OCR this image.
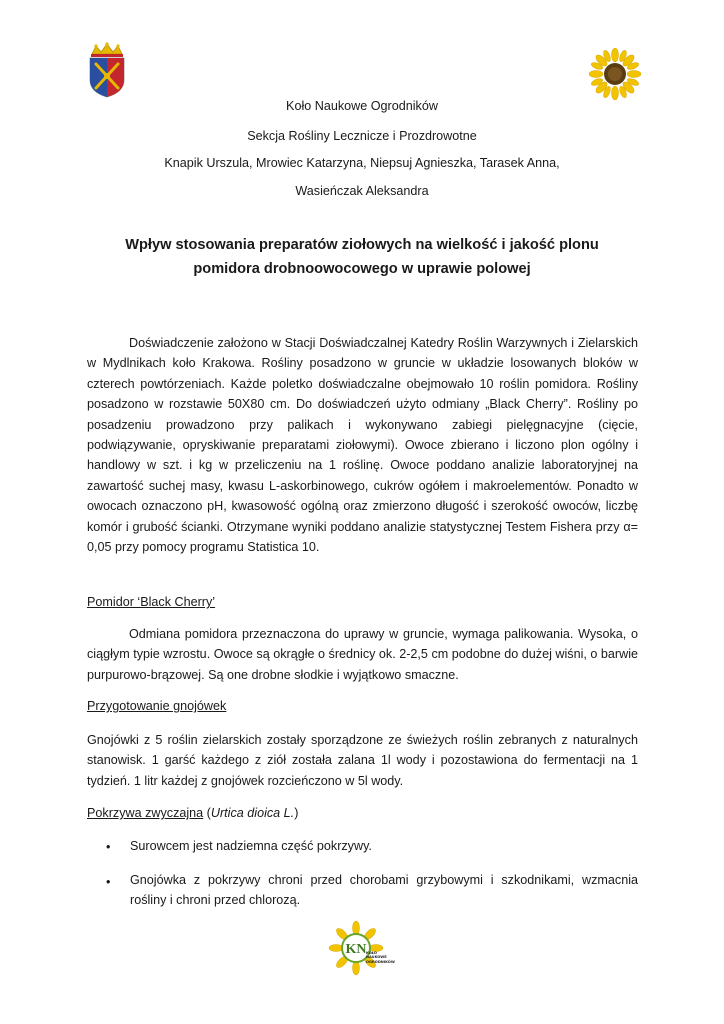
Koło Naukowe Ogrodników
Sekcja Rośliny Lecznicze i Prozdrowotne
Knapik Urszula, Mrowiec Katarzyna, Niepsuj Agnieszka, Tarasek Anna,
Wasieńczak Aleksandra
Wpływ stosowania preparatów ziołowych na wielkość i jakość plonu
pomidora drobnoowocowego w uprawie polowej

Doświadczenie założono w Stacji Doświadczalnej Katedry Roślin Warzywnych i Zielarskich w Mydlnikach koło Krakowa. Rośliny posadzono w gruncie w układzie losowanych bloków w czterech powtórzeniach. Każde poletko doświadczalne obejmowało 10 roślin pomidora. Rośliny posadzono w rozstawie 50X80 cm. Do doświadczeń użyto odmiany „Black Cherry”. Rośliny po posadzeniu prowadzono przy palikach i wykonywano zabiegi pielęgnacyjne (cięcie, podwiązywanie, opryskiwanie preparatami ziołowymi). Owoce zbierano i liczono plon ogólny i handlowy w szt. i kg w przeliczeniu na 1 roślinę. Owoce poddano analizie laboratoryjnej na zawartość suchej masy, kwasu L-askorbinowego, cukrów ogółem i makroelementów. Ponadto w owocach oznaczono pH, kwasowość ogólną oraz zmierzono długość i szerokość owoców, liczbę komór i grubość ścianki. Otrzymane wyniki poddano analizie statystycznej Testem Fishera przy α= 0,05 przy pomocy programu Statistica 10.

Pomidor ‘Black Cherry’

Odmiana pomidora przeznaczona do uprawy w gruncie, wymaga palikowania. Wysoka, o ciągłym typie wzrostu. Owoce są okrągłe o średnicy ok. 2-2,5 cm podobne do dużej wiśni, o barwie purpurowo-brązowej. Są one drobne słodkie i wyjątkowo smaczne.

Przygotowanie gnojówek

Gnojówki z 5 roślin zielarskich zostały sporządzone ze świeżych roślin zebranych z naturalnych stanowisk. 1 garść każdego z ziół została zalana 1l wody i pozostawiona do fermentacji na 1 tydzień. 1 litr każdej z gnojówek rozcieńczono w 5l wody.

Pokrzywa zwyczajna (Urtica dioica L.)
• Surowcem jest nadziemna część pokrzywy.

• Gnojówka z pokrzywy chroni przed chorobami grzybowymi i szkodnikami, wzmacnia rośliny i chroni przed chlorozą.

KN KOŁO
NAUKOWE
OGRODNIKÓW
